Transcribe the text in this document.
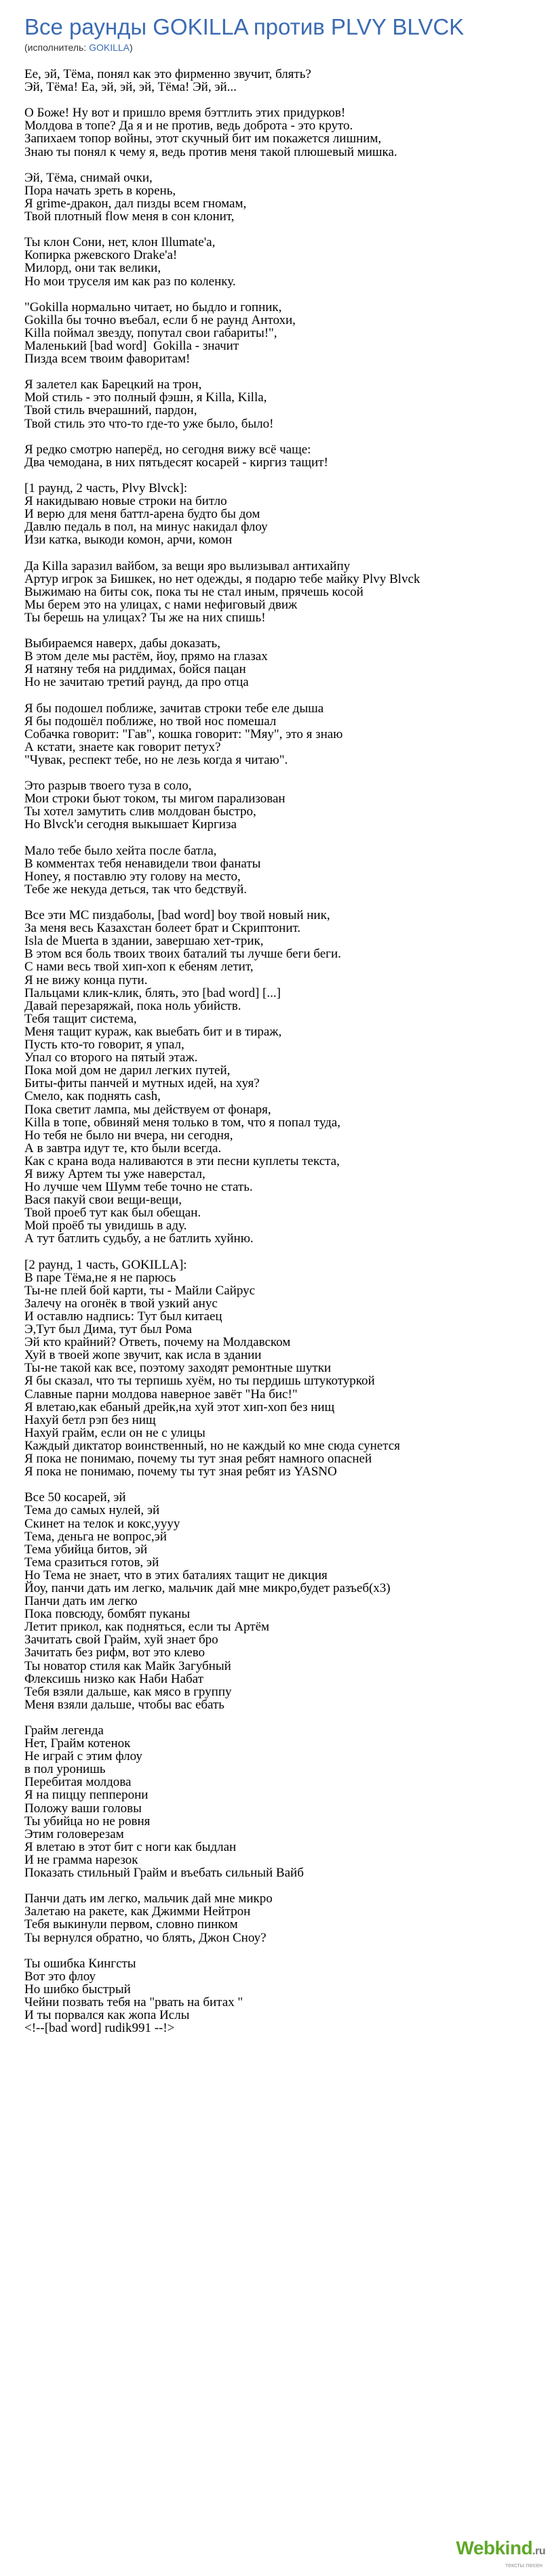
Все раунды GOKILLA против PLVY BLVCK
(исполнитель: GOKILLA)
Ее, эй, Тёма, понял как это фирменно звучит, блять?
Эй, Тёма! Еа, эй, эй, эй, Тёма! Эй, эй...

О Боже! Ну вот и пришло время бэттлить этих придурков!
Молдова в топе? Да я и не против, ведь доброта - это круто.
Запихаем топор войны, этот скучный бит им покажется лишним,
Знаю ты понял к чему я, ведь против меня такой плюшевый мишка.

Эй, Тёма, снимай очки,
Пора начать зреть в корень,
Я grime-дракон, дал пизды всем гномам,
Твой плотный flow меня в сон клонит,

Ты клон Сони, нет, клон Illumate'а,
Копирка ржевского Drake'а!
Милорд, они так велики,
Но мои труселя им как раз по коленку.

"Gokilla нормально читает, но быдло и гопник,
Gokilla бы точно въебал, если б не раунд Антохи,
Killa поймал звезду, попутал свои габариты!",
Маленький [bad word]  Gokilla - значит
Пизда всем твоим фаворитам!

Я залетел как Барецкий на трон,
Мой стиль - это полный фэшн, я Killa, Killa,
Твой стиль вчерашний, пардон,
Твой стиль это что-то где-то уже было, было!

Я редко смотрю наперёд, но сегодня вижу всё чаще:
Два чемодана, в них пятьдесят косарей - киргиз тащит!

[1 раунд, 2 часть, Plvy Blvck]:
Я накидываю новые строки на битло
И верю для меня баттл-арена будто бы дом
Давлю педаль в пол, на минус накидал флоу
Изи катка, выкоди комон, арчи, комон

Да Killa заразил вайбом, за вещи яро вылизывал антихайпу
Артур игрок за Бишкек, но нет одежды, я подарю тебе майку Plvy Blvck
Выжимаю на биты сок, пока ты не стал иным, прячешь косой
Мы берем это на улицах, с нами нефиговый движ
Ты берешь на улицах? Ты же на них спишь!

Выбираемся наверх, дабы доказать,
В этом деле мы растём, йоу, прямо на глазах
Я натяну тебя на риддимах, бойся пацан
Но не зачитаю третий раунд, да про отца

Я бы подошел поближе, зачитав строки тебе еле дыша
Я бы подошёл поближе, но твой нос помешал
Собачка говорит: "Гав", кошка говорит: "Мяу", это я знаю
А кстати, знаете как говорит петух?
"Чувак, респект тебе, но не лезь когда я читаю".

Это разрыв твоего туза в соло,
Мои строки бьют током, ты мигом парализован
Ты хотел замутить слив молдован быстро,
Но Blvck'и сегодня выкышает Киргиза

Мало тебе было хейта после батла,
В комментах тебя ненавидели твои фанаты
Honey, я поставлю эту голову на место,
Тебе же некуда деться, так что бедствуй.

Все эти МС пиздаболы, [bad word] boy твой новый ник,
За меня весь Казахстан болеет брат и Скриптонит.
Isla de Muerta в здании, завершаю хет-трик,
В этом вся боль твоих твоих баталий ты лучше беги беги.
С нами весь твой хип-хоп к ебеням летит,
Я не вижу конца пути.
Пальцами клик-клик, блять, это [bad word] [...]
Давай перезаряжай, пока ноль убийств.
Тебя тащит система,
Меня тащит кураж, как выебать бит и в тираж,
Пусть кто-то говорит, я упал,
Упал со второго на пятый этаж.
Пока мой дом не дарил легких путей,
Биты-фиты панчей и мутных идей, на хуя?
Смело, как поднять cash,
Пока светит лампа, мы действуем от фонаря,
Killa в топе, обвиняй меня только в том, что я попал туда,
Но тебя не было ни вчера, ни сегодня,
А в завтра идут те, кто были всегда.
Как с крана вода наливаются в эти песни куплеты текста,
Я вижу Артем ты уже наверстал,
Но лучше чем Шумм тебе точно не стать.
Вася пакуй свои вещи-вещи,
Твой проеб тут как был обещан.
Мой проёб ты увидишь в аду.
А тут батлить судьбу, а не батлить хуйню.

[2 раунд, 1 часть, GOKILLA]:
В паре Тёма,не я не парюсь
Ты-не плей бой карти, ты - Майли Сайрус
Залечу на огонёк в твой узкий анус
И оставлю надпись: Тут был китаец
Э,Тут был Дима, тут был Рома
Эй кто крайний? Ответь, почему на Молдавском
Хуй в твоей жопе звучит, как исла в здании
Ты-не такой как все, поэтому заходят ремонтные шутки
Я бы сказал, что ты терпишь хуём, но ты пердишь штукотуркой
Славные парни молдова наверное завёт "На бис!"
Я влетаю,как ебаный дрейк,на хуй этот хип-хоп без нищ
Нахуй бетл рэп без нищ
Нахуй грайм, если он не с улицы
Каждый диктатор воинственный, но не каждый ко мне сюда сунется
Я пока не понимаю, почему ты тут зная ребят намного опасней
Я пока не понимаю, почему ты тут зная ребят из YASNO

Все 50 косарей, эй
Тема до самых нулей, эй
Скинет на телок и кокс,уууу
Тема, деньга не вопрос,эй
Тема убийца битов, эй
Тема сразиться готов, эй
Но Тема не знает, что в этих баталиях тащит не дикция
Йоу, панчи дать им легко, мальчик дай мне микро,будет разъеб(x3)
Панчи дать им легко
Пока повсюду, бомбят пуканы
Летит прикол, как подняться, если ты Артём
Зачитать свой Грайм, хуй знает бро
Зачитать без рифм, вот это клево
Ты новатор стиля как Майк Загубный
Флексишь низко как Наби Набат
Тебя взяли дальше, как мясо в группу
Меня взяли дальше, чтобы вас ебать

Грайм легенда
Нет, Грайм котенок
Не играй с этим флоу
в пол уронишь
Перебитая молдова
Я на пиццу пепперони
Положу ваши головы
Ты убийца но не ровня
Этим головерезам
Я влетаю в этот бит с ноги как быдлан
И не грамма нарезок
Показать стильный Грайм и въебать сильный Вайб

Панчи дать им легко, мальчик дай мне микро
Залетаю на ракете, как Джимми Нейтрон
Тебя выкинули первом, словно пинком
Ты вернулся обратно, чо блять, Джон Сноу?

Ты ошибка Кингсты
Вот это флоу
Но шибко быстрый
Чейни позвать тебя на "рвать на битах "
И ты порвался как жопа Ислы
<!--[bad word] rudik991 --!>
Webkind.ru
тексты песен
